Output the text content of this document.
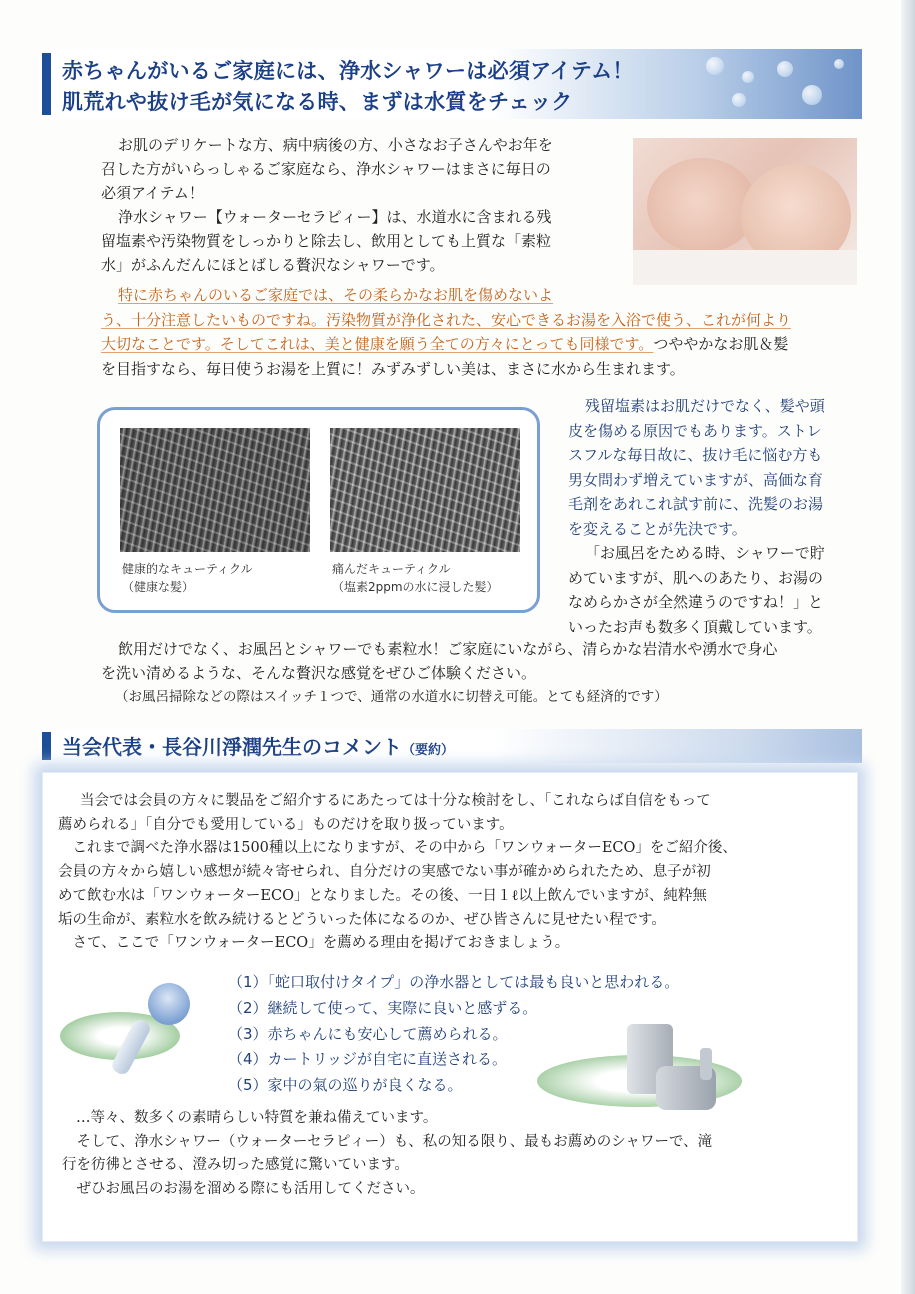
赤ちゃんがいるご家庭には、浄水シャワーは必須アイテム！
肌荒れや抜け毛が気になる時、まずは水質をチェック
お肌のデリケートな方、病中病後の方、小さなお子さんやお年を
召した方がいらっしゃるご家庭なら、浄水シャワーはまさに毎日の
必須アイテム！
浄水シャワー【ウォーターセラピィー】は、水道水に含まれる残
留塩素や汚染物質をしっかりと除去し、飲用としても上質な「素粒
水」がふんだんにほとばしる贅沢なシャワーです。
特に赤ちゃんのいるご家庭では、その柔らかなお肌を傷めないよ
う、十分注意したいものですね。汚染物質が浄化された、安心できるお湯を入浴で使う、これが何より
大切なことです。そしてこれは、美と健康を願う全ての方々にとっても同様です。つややかなお肌＆髪
を目指すなら、毎日使うお湯を上質に！みずみずしい美は、まさに水から生まれます。
健康的なキューティクル
（健康な髪）
痛んだキューティクル
（塩素2ppmの水に浸した髪）
残留塩素はお肌だけでなく、髪や頭
皮を傷める原因でもあります。ストレ
スフルな毎日故に、抜け毛に悩む方も
男女問わず増えていますが、高価な育
毛剤をあれこれ試す前に、洗髪のお湯
を変えることが先決です。
「お風呂をためる時、シャワーで貯
めていますが、肌へのあたり、お湯の
なめらかさが全然違うのですね！」と
いったお声も数多く頂戴しています。
飲用だけでなく、お風呂とシャワーでも素粒水！ご家庭にいながら、清らかな岩清水や湧水で身心
を洗い清めるような、そんな贅沢な感覚をぜひご体験ください。
（お風呂掃除などの際はスイッチ１つで、通常の水道水に切替え可能。とても経済的です）
当会代表・長谷川淨潤先生のコメント（要約）
当会では会員の方々に製品をご紹介するにあたっては十分な検討をし、「これならば自信をもって
薦められる」「自分でも愛用している」ものだけを取り扱っています。
　これまで調べた浄水器は1500種以上になりますが、その中から「ワンウォーターECO」をご紹介後、
会員の方々から嬉しい感想が続々寄せられ、自分だけの実感でない事が確かめられたため、息子が初
めて飲む水は「ワンウォーターECO」となりました。その後、一日１ℓ以上飲んでいますが、純粋無
垢の生命が、素粒水を飲み続けるとどういった体になるのか、ぜひ皆さんに見せたい程です。
　さて、ここで「ワンウォーターECO」を薦める理由を掲げておきましょう。
（1）「蛇口取付けタイプ」の浄水器としては最も良いと思われる。
（2）継続して使って、実際に良いと感ずる。
（3）赤ちゃんにも安心して薦められる。
（4）カートリッジが自宅に直送される。
（5）家中の氣の巡りが良くなる。
…等々、数多くの素晴らしい特質を兼ね備えています。
　そして、浄水シャワー（ウォーターセラピィー）も、私の知る限り、最もお薦めのシャワーで、滝
行を彷彿とさせる、澄み切った感覚に驚いています。
　ぜひお風呂のお湯を溜める際にも活用してください。
